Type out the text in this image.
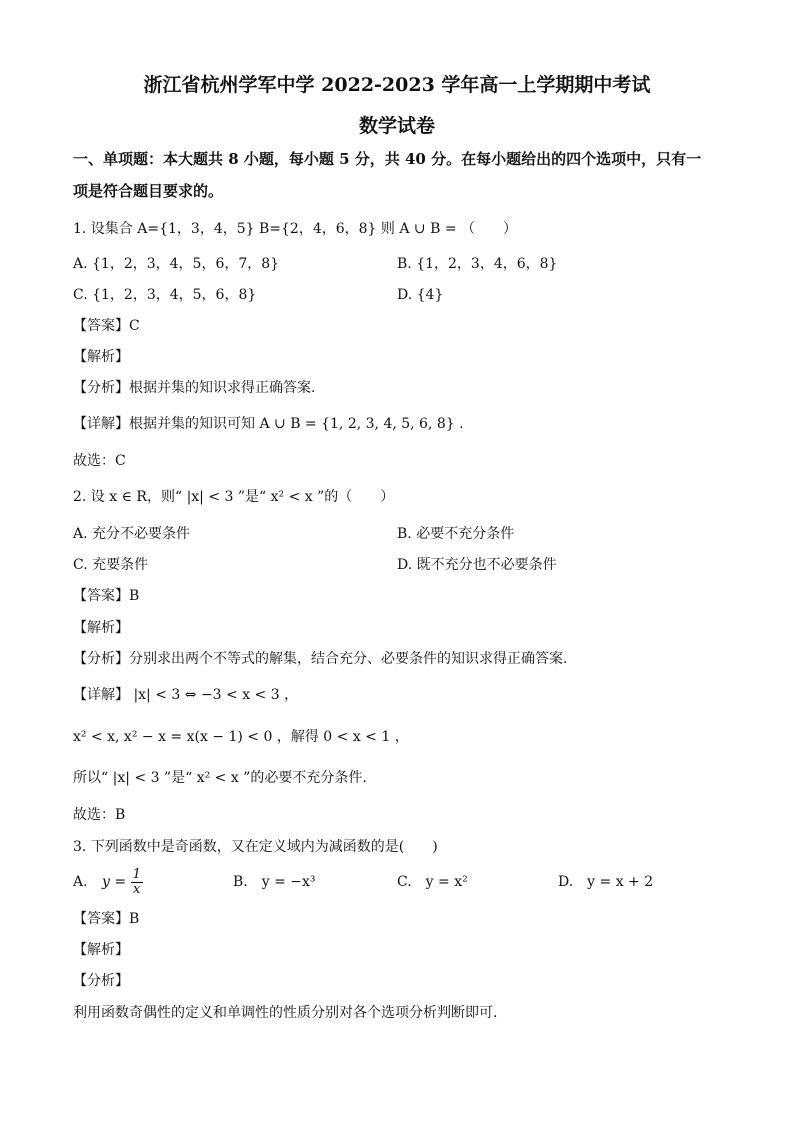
浙江省杭州学军中学 2022-2023 学年高一上学期期中考试
数学试卷
一、单项题：本大题共 8 小题，每小题 5 分，共 40 分。在每小题给出的四个选项中，只有一
项是符合题目要求的。
1. 设集合 A={1，3，4，5} B={2，4，6，8} 则 A ∪ B = （　　）
A. {1，2，3，4，5，6，7，8}	B. {1，2，3，4，6，8}
C. {1，2，3，4，5，6，8}	D. {4}
【答案】C
【解析】
【分析】根据并集的知识求得正确答案.
【详解】根据并集的知识可知 A ∪ B = {1, 2, 3, 4, 5, 6, 8} .
故选：C
2. 设 x ∈ R，则“ |x| < 3 ”是“ x² < x ”的（　　）
A. 充分不必要条件	B. 必要不充分条件
C. 充要条件	D. 既不充分也不必要条件
【答案】B
【解析】
【分析】分别求出两个不等式的解集，结合充分、必要条件的知识求得正确答案.
【详解】 |x| < 3 ⇔ −3 < x < 3 ，
x² < x, x² − x = x(x − 1) < 0 ，解得 0 < x < 1 ，
所以“ |x| < 3 ”是“ x² < x ”的必要不充分条件.
故选：B
3. 下列函数中是奇函数，又在定义域内为减函数的是(　　)
A. $y = \frac{1}{x}$	B.　y = −x³	C.　y = x²	D.　y = x + 2
【答案】B
【解析】
【分析】
利用函数奇偶性的定义和单调性的性质分别对各个选项分析判断即可.
